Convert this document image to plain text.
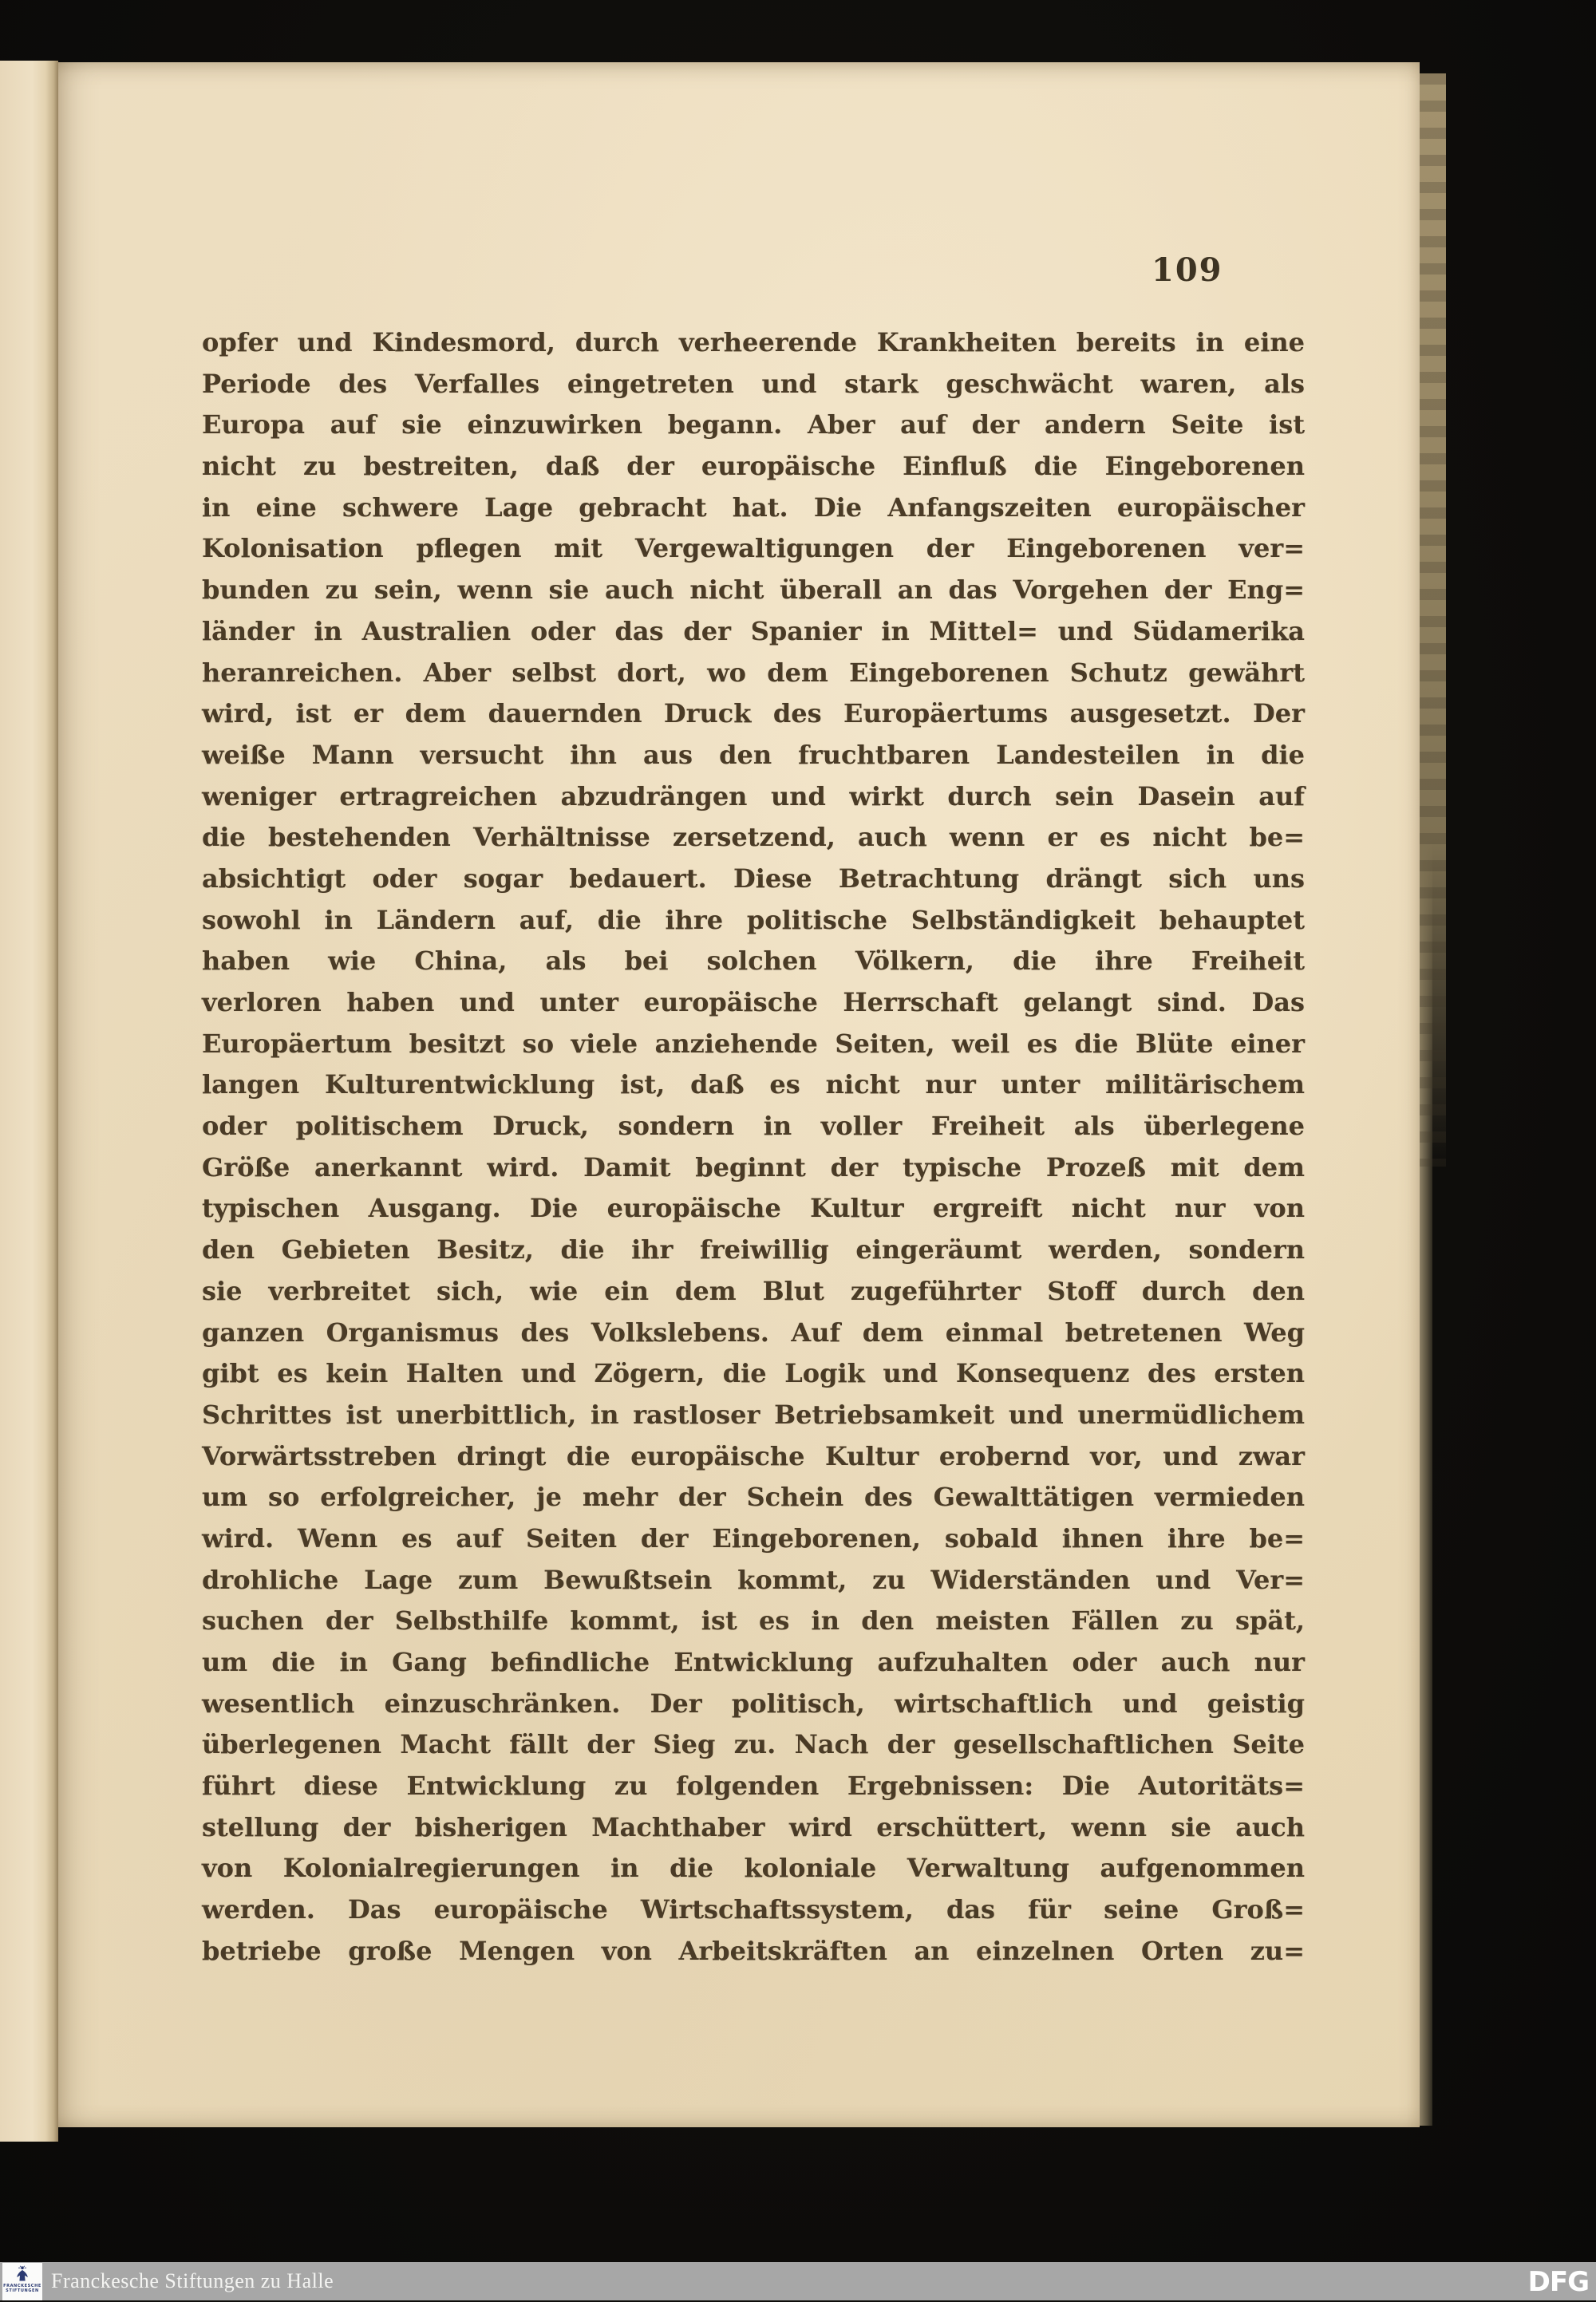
109
opfer und Kindesmord, durch verheerende Krankheiten bereits in eine
Periode des Verfalles eingetreten und stark geschwächt waren, als
Europa auf sie einzuwirken begann. Aber auf der andern Seite ist
nicht zu bestreiten, daß der europäische Einfluß die Eingeborenen
in eine schwere Lage gebracht hat. Die Anfangszeiten europäischer
Kolonisation pflegen mit Vergewaltigungen der Eingeborenen ver=
bunden zu sein, wenn sie auch nicht überall an das Vorgehen der Eng=
länder in Australien oder das der Spanier in Mittel= und Südamerika
heranreichen. Aber selbst dort, wo dem Eingeborenen Schutz gewährt
wird, ist er dem dauernden Druck des Europäertums ausgesetzt. Der
weiße Mann versucht ihn aus den fruchtbaren Landesteilen in die
weniger ertragreichen abzudrängen und wirkt durch sein Dasein auf
die bestehenden Verhältnisse zersetzend, auch wenn er es nicht be=
absichtigt oder sogar bedauert. Diese Betrachtung drängt sich uns
sowohl in Ländern auf, die ihre politische Selbständigkeit behauptet
haben wie China, als bei solchen Völkern, die ihre Freiheit
verloren haben und unter europäische Herrschaft gelangt sind. Das
Europäertum besitzt so viele anziehende Seiten, weil es die Blüte einer
langen Kulturentwicklung ist, daß es nicht nur unter militärischem
oder politischem Druck, sondern in voller Freiheit als überlegene
Größe anerkannt wird. Damit beginnt der typische Prozeß mit dem
typischen Ausgang. Die europäische Kultur ergreift nicht nur von
den Gebieten Besitz, die ihr freiwillig eingeräumt werden, sondern
sie verbreitet sich, wie ein dem Blut zugeführter Stoff durch den
ganzen Organismus des Volkslebens. Auf dem einmal betretenen Weg
gibt es kein Halten und Zögern, die Logik und Konsequenz des ersten
Schrittes ist unerbittlich, in rastloser Betriebsamkeit und unermüdlichem
Vorwärtsstreben dringt die europäische Kultur erobernd vor, und zwar
um so erfolgreicher, je mehr der Schein des Gewalttätigen vermieden
wird. Wenn es auf Seiten der Eingeborenen, sobald ihnen ihre be=
drohliche Lage zum Bewußtsein kommt, zu Widerständen und Ver=
suchen der Selbsthilfe kommt, ist es in den meisten Fällen zu spät,
um die in Gang befindliche Entwicklung aufzuhalten oder auch nur
wesentlich einzuschränken. Der politisch, wirtschaftlich und geistig
überlegenen Macht fällt der Sieg zu. Nach der gesellschaftlichen Seite
führt diese Entwicklung zu folgenden Ergebnissen: Die Autoritäts=
stellung der bisherigen Machthaber wird erschüttert, wenn sie auch
von Kolonialregierungen in die koloniale Verwaltung aufgenommen
werden. Das europäische Wirtschaftssystem, das für seine Groß=
betriebe große Mengen von Arbeitskräften an einzelnen Orten zu=
FRANCKESCHE
STIFTUNGEN Franckesche Stiftungen zu Halle	DFG
